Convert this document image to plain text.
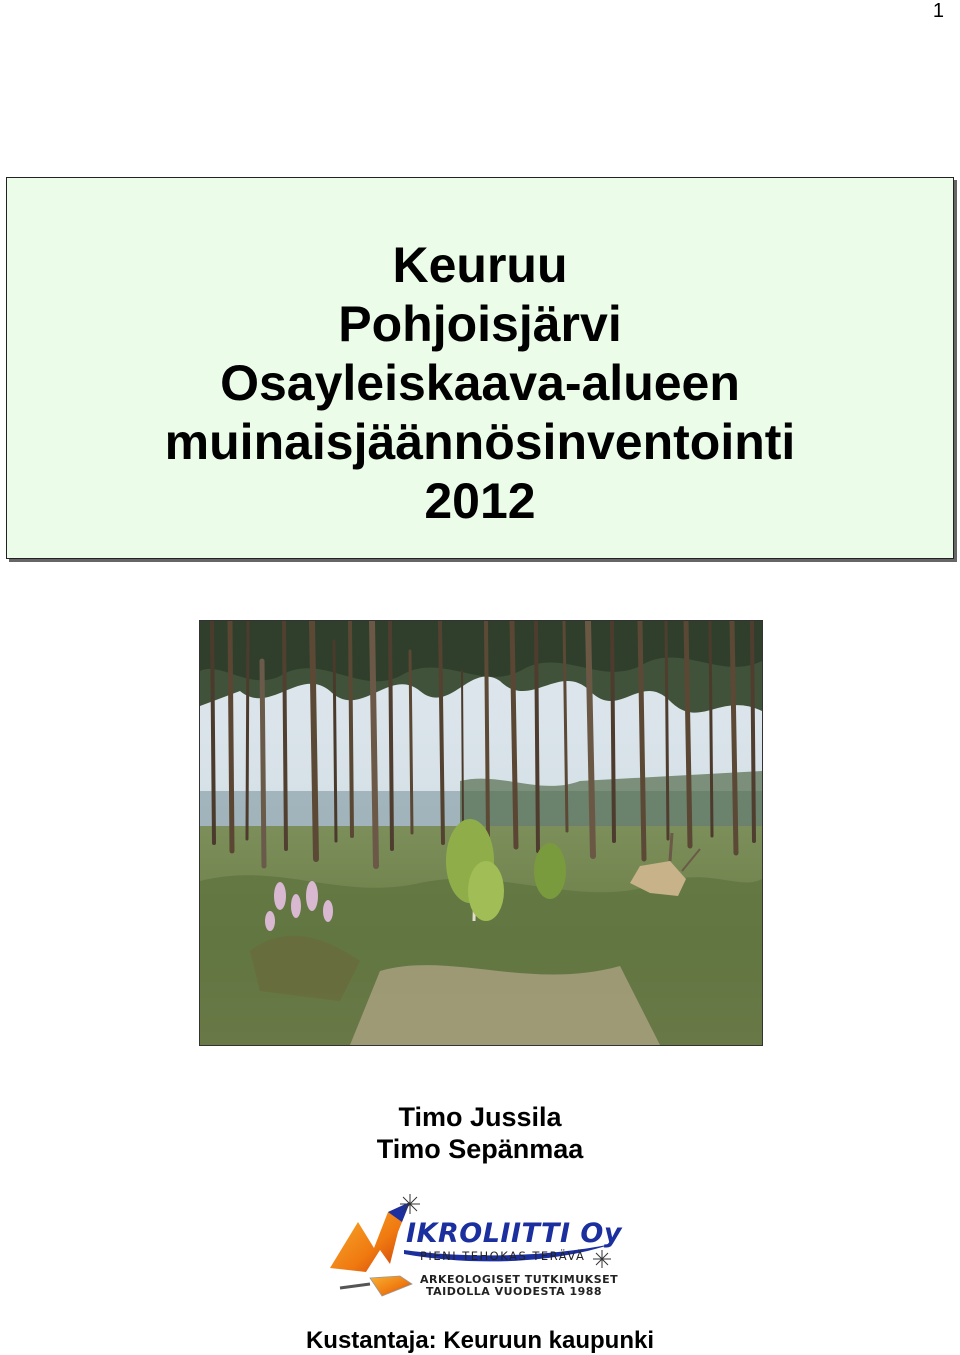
1
Keuruu
Pohjoisjärvi
Osayleiskaava-alueen
muinaisjäännösinventointi
2012
Timo Jussila
Timo Sepänmaa
IKROLIITTI Oy
PIENI TEHOKAS TERÄVÄ
ARKEOLOGISET TUTKIMUKSET
TAIDOLLA VUODESTA 1988
Kustantaja: Keuruun kaupunki
